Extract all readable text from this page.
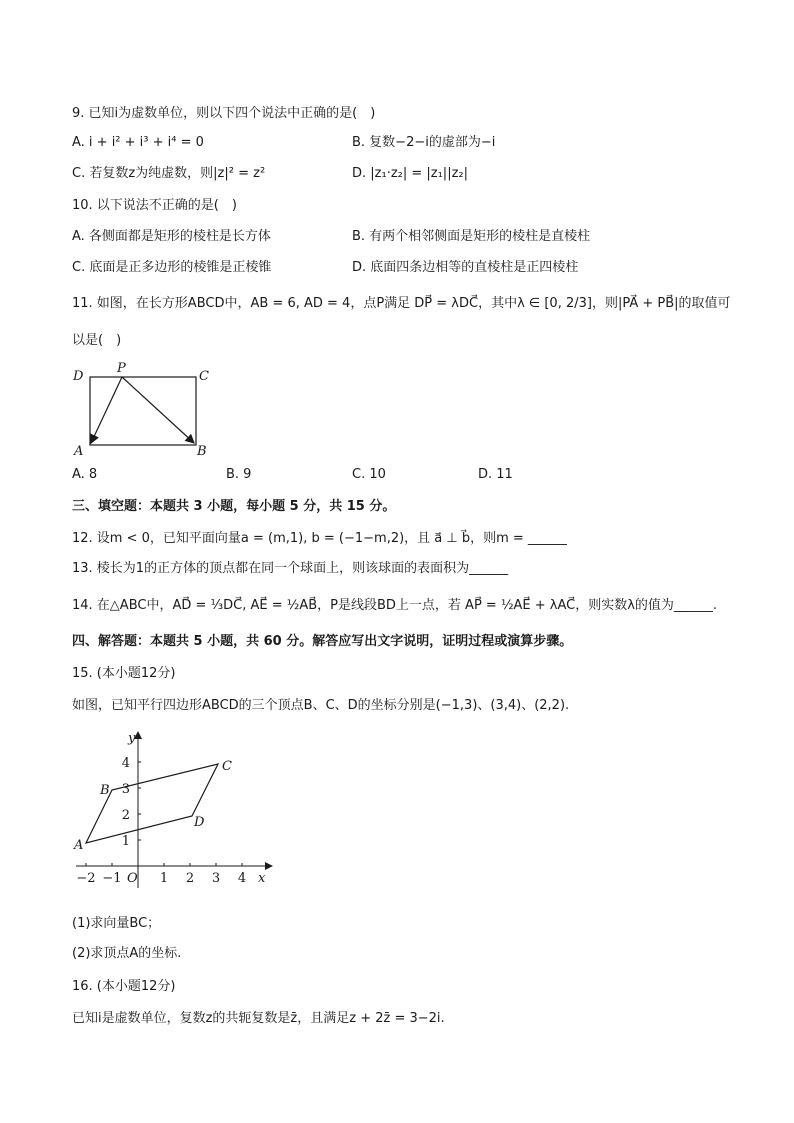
9. 已知i为虚数单位，则以下四个说法中正确的是(　)
A. i + i² + i³ + i⁴ = 0	B. 复数−2−i的虚部为−i
C. 若复数z为纯虚数，则|z|² = z²	D. |z₁·z₂| = |z₁||z₂|
10. 以下说法不正确的是(　)
A. 各侧面都是矩形的棱柱是长方体	B. 有两个相邻侧面是矩形的棱柱是直棱柱
C. 底面是正多边形的棱锥是正棱锥	D. 底面四条边相等的直棱柱是正四棱柱
11. 如图，在长方形ABCD中，AB = 6, AD = 4，点P满足 DP⃗ = λDC⃗，其中λ ∈ [0, 2/3]，则|PA⃗ + PB⃗|的取值可
以是(　)
D
P
C
A	B
A. 8	B. 9	C. 10	D. 11
三、填空题：本题共 3 小题，每小题 5 分，共 15 分。
12. 设m < 0，已知平面向量a = (m,1), b = (−1−m,2)，且 a⃗ ⊥ b⃗，则m = ______
13. 棱长为1的正方体的顶点都在同一个球面上，则该球面的表面积为______
14. 在△ABC中，AD⃗ = ⅓DC⃗, AE⃗ = ½AB⃗，P是线段BD上一点，若 AP⃗ = ½AE⃗ + λAC⃗，则实数λ的值为______.
四、解答题：本题共 5 小题，共 60 分。解答应写出文字说明，证明过程或演算步骤。
15. (本小题12分)
如图，已知平行四边形ABCD的三个顶点B、C、D的坐标分别是(−1,3)、(3,4)、(2,2).
−2 −1	1 2 3 4
1
2
3
4
y
x
O
A
B
C
D
(1)求向量BC；
(2)求顶点A的坐标.
16. (本小题12分)
已知i是虚数单位，复数z的共轭复数是z̄，且满足z + 2z̄ = 3−2i.
